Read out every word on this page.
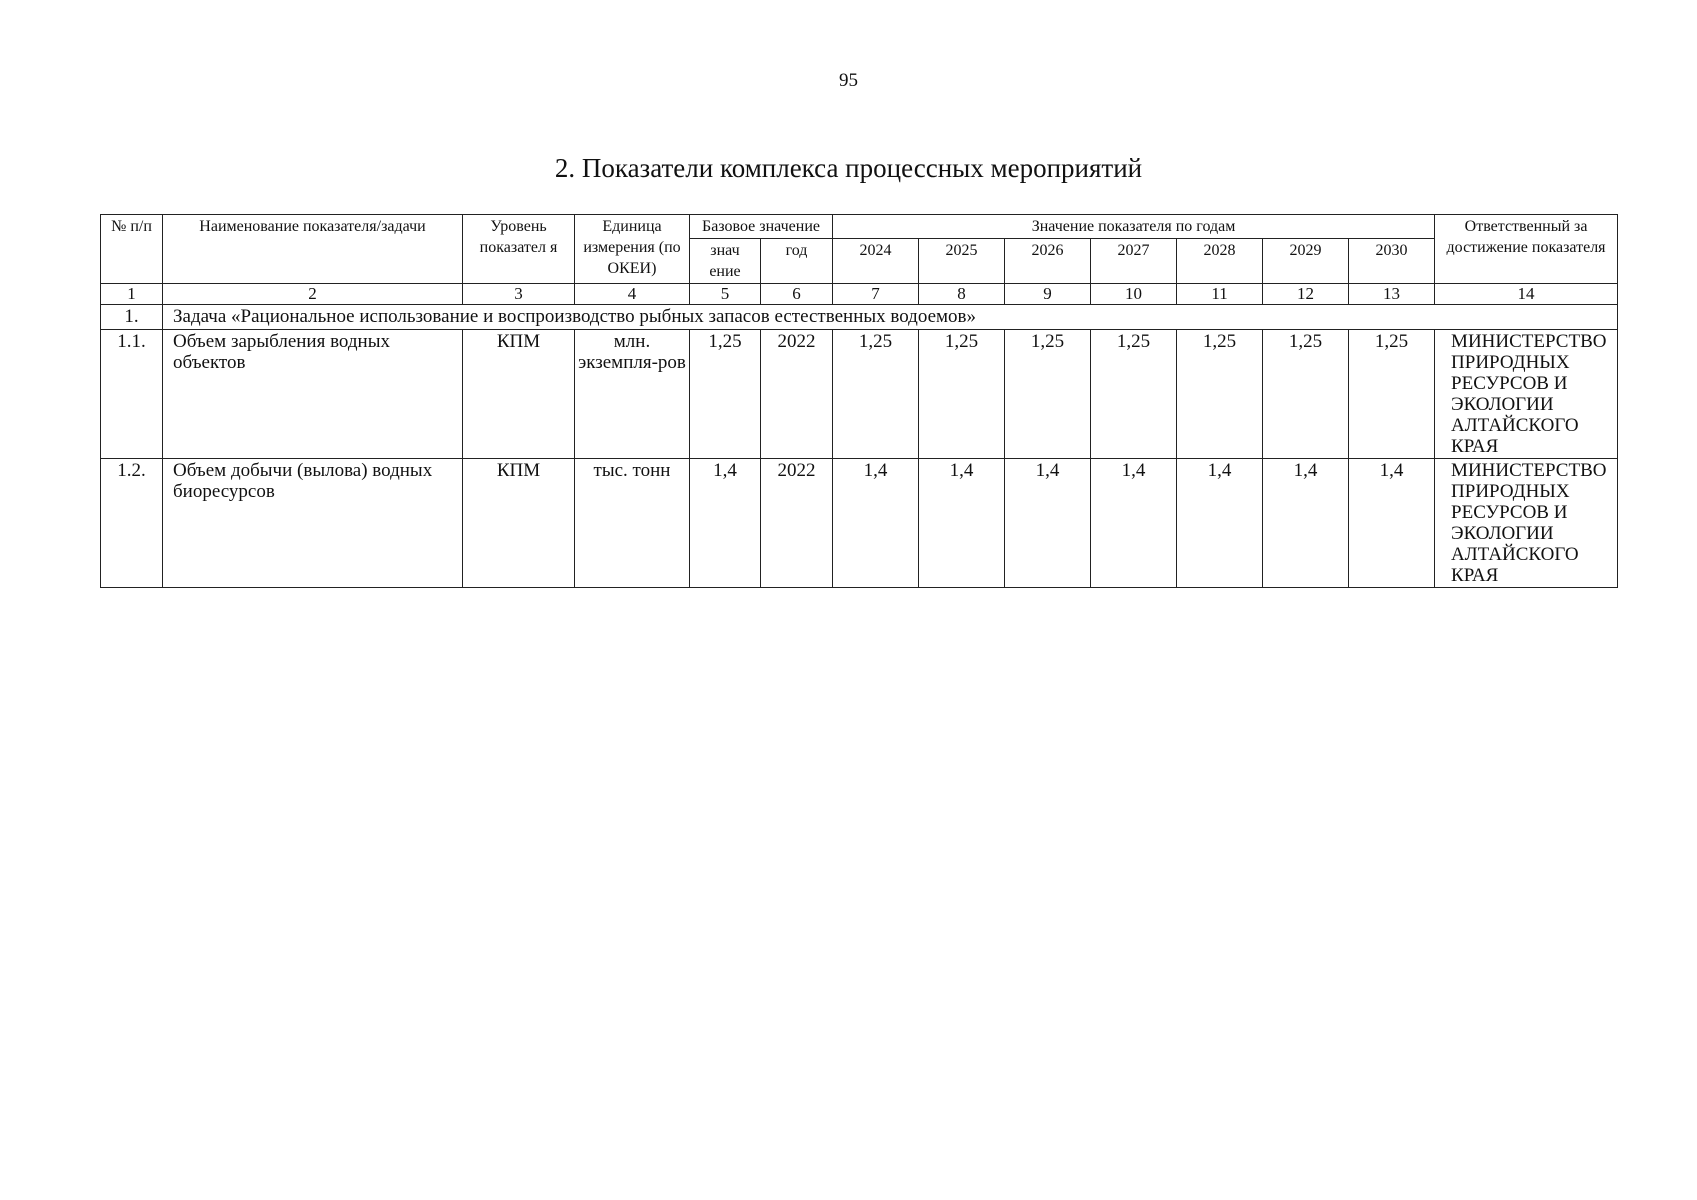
95
2. Показатели комплекса процессных мероприятий
№ п/п	Наименование показателя/задачи	Уровень показател я	Единица измерения (по ОКЕИ)	Базовое значение		Значение показателя по годам							Ответственный за достижение показателя
				знач ение	год	2024	2025	2026	2027	2028	2029	2030	
1	2	3	4	5	6	7	8	9	10	11	12	13	14
1.	Задача «Рациональное использование и воспроизводство рыбных запасов естественных водоемов»												
1.1.	Объем зарыбления водных объектов	КПМ	млн. экземпля-ров	1,25	2022	1,25	1,25	1,25	1,25	1,25	1,25	1,25	МИНИСТЕРСТВО ПРИРОДНЫХ РЕСУРСОВ И ЭКОЛОГИИ АЛТАЙСКОГО КРАЯ
1.2.	Объем добычи (вылова) водных биоресурсов	КПМ	тыс. тонн	1,4	2022	1,4	1,4	1,4	1,4	1,4	1,4	1,4	МИНИСТЕРСТВО ПРИРОДНЫХ РЕСУРСОВ И ЭКОЛОГИИ АЛТАЙСКОГО КРАЯ
